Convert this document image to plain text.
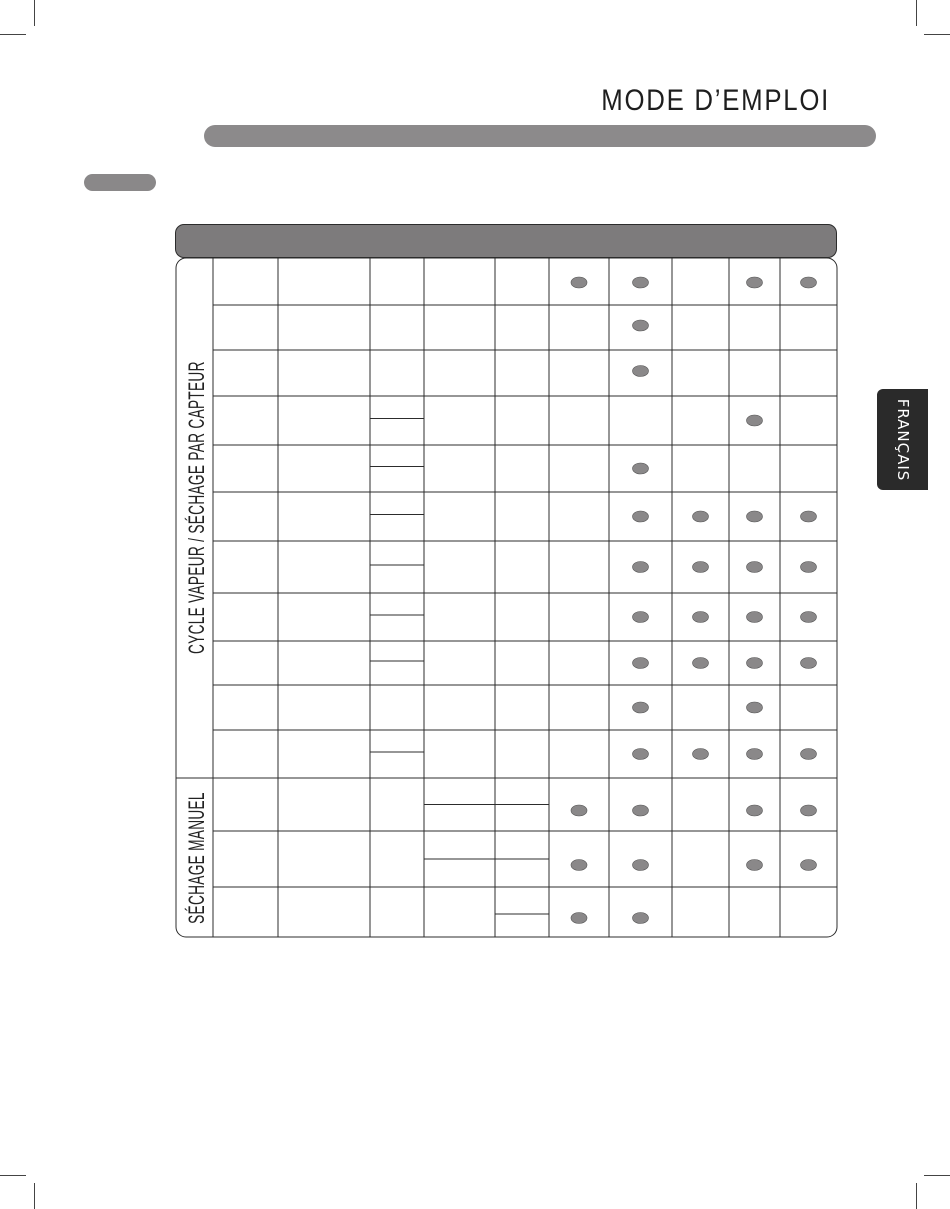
MODE D’EMPLOI
FRANÇAIS
CYCLE VAPEUR / SÉCHAGE PAR CAPTEUR
SÉCHAGE MANUEL
